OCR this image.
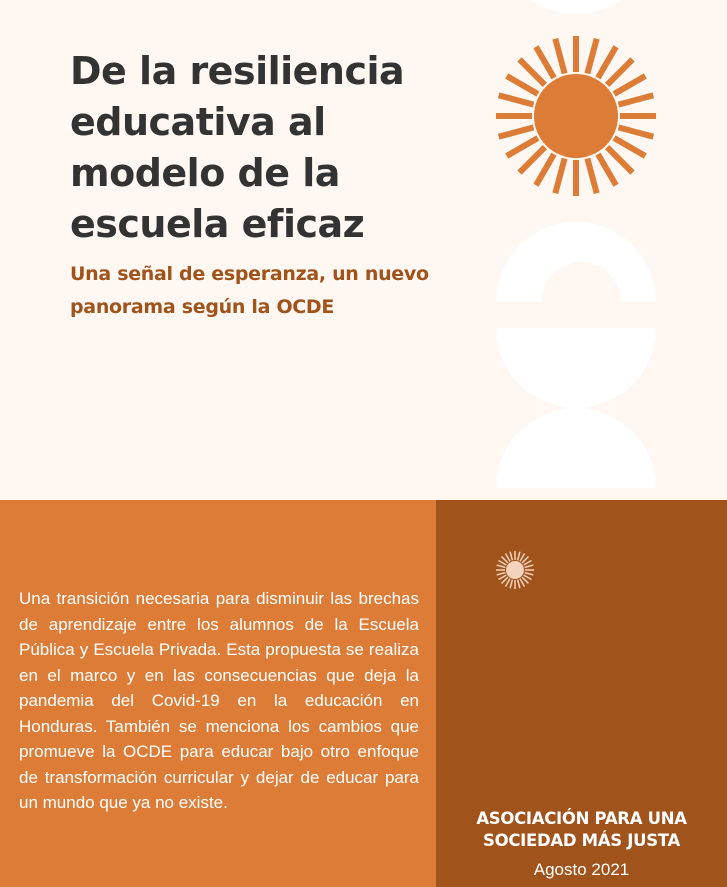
De la resiliencia educativa al modelo de la escuela eficaz
Una señal de esperanza, un nuevo panorama según la OCDE

Una transición necesaria para disminuir las brechas de aprendizaje entre los alumnos de la Escuela Pública y Escuela Privada. Esta propuesta se realiza en el marco y en las consecuencias que deja la pandemia del Covid-19 en la educación en Honduras. También se menciona los cambios que promueve la OCDE para educar bajo otro enfoque de transformación curricular y dejar de educar para un mundo que ya no existe.

ASOCIACIÓN PARA UNA SOCIEDAD MÁS JUSTA
Agosto 2021
